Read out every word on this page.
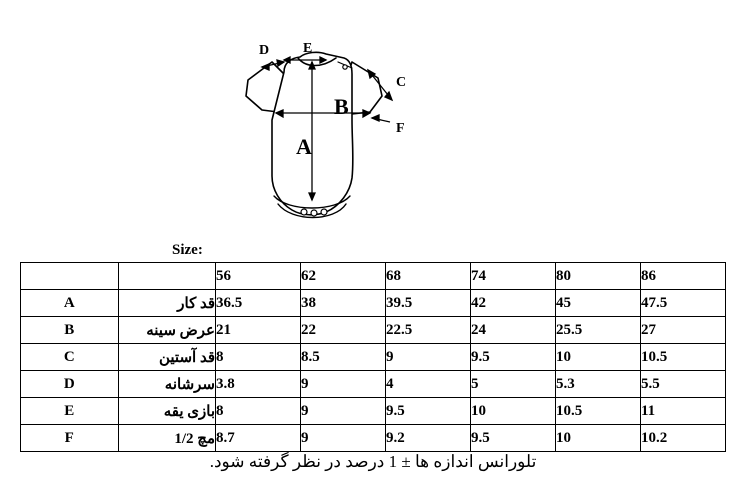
A
B
C
D E
F
Size:
		56	62	68	74	80	86
A	قد کار	36.5	38	39.5	42	45	47.5
B	عرض سینه	21	22	22.5	24	25.5	27
C	قد آستین	8	8.5	9	9.5	10	10.5
D	سرشانه	3.8	9	4	5	5.3	5.5
E	بازی یقه	8	9	9.5	10	10.5	11
F	مچ 1/2	8.7	9	9.2	9.5	10	10.2
تلورانس اندازه ها ± 1 درصد در نظر گرفته شود.
